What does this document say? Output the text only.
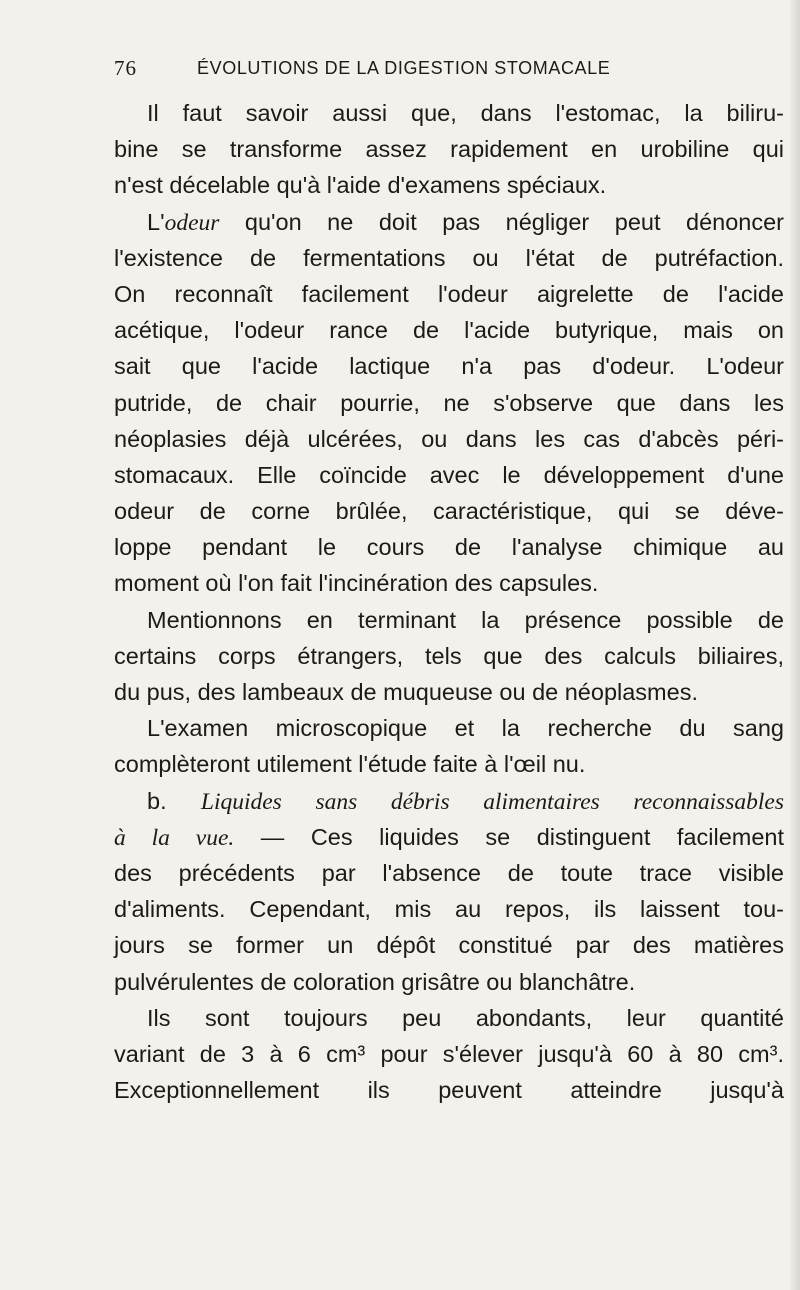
76	ÉVOLUTIONS DE LA DIGESTION STOMACALE
Il faut savoir aussi que, dans l'estomac, la biliru-
bine se transforme assez rapidement en urobiline qui
n'est décelable qu'à l'aide d'examens spéciaux.
L'odeur qu'on ne doit pas négliger peut dénoncer
l'existence de fermentations ou l'état de putréfaction.
On reconnaît facilement l'odeur aigrelette de l'acide
acétique, l'odeur rance de l'acide butyrique, mais on
sait que l'acide lactique n'a pas d'odeur. L'odeur
putride, de chair pourrie, ne s'observe que dans les
néoplasies déjà ulcérées, ou dans les cas d'abcès péri-
stomacaux. Elle coïncide avec le développement d'une
odeur de corne brûlée, caractéristique, qui se déve-
loppe pendant le cours de l'analyse chimique au
moment où l'on fait l'incinération des capsules.
Mentionnons en terminant la présence possible de
certains corps étrangers, tels que des calculs biliaires,
du pus, des lambeaux de muqueuse ou de néoplasmes.
L'examen microscopique et la recherche du sang
complèteront utilement l'étude faite à l'œil nu.
b. Liquides sans débris alimentaires reconnaissables
à la vue. — Ces liquides se distinguent facilement
des précédents par l'absence de toute trace visible
d'aliments. Cependant, mis au repos, ils laissent tou-
jours se former un dépôt constitué par des matières
pulvérulentes de coloration grisâtre ou blanchâtre.
Ils sont toujours peu abondants, leur quantité
variant de 3 à 6 cm³ pour s'élever jusqu'à 60 à 80 cm³.
Exceptionnellement ils peuvent atteindre jusqu'à
